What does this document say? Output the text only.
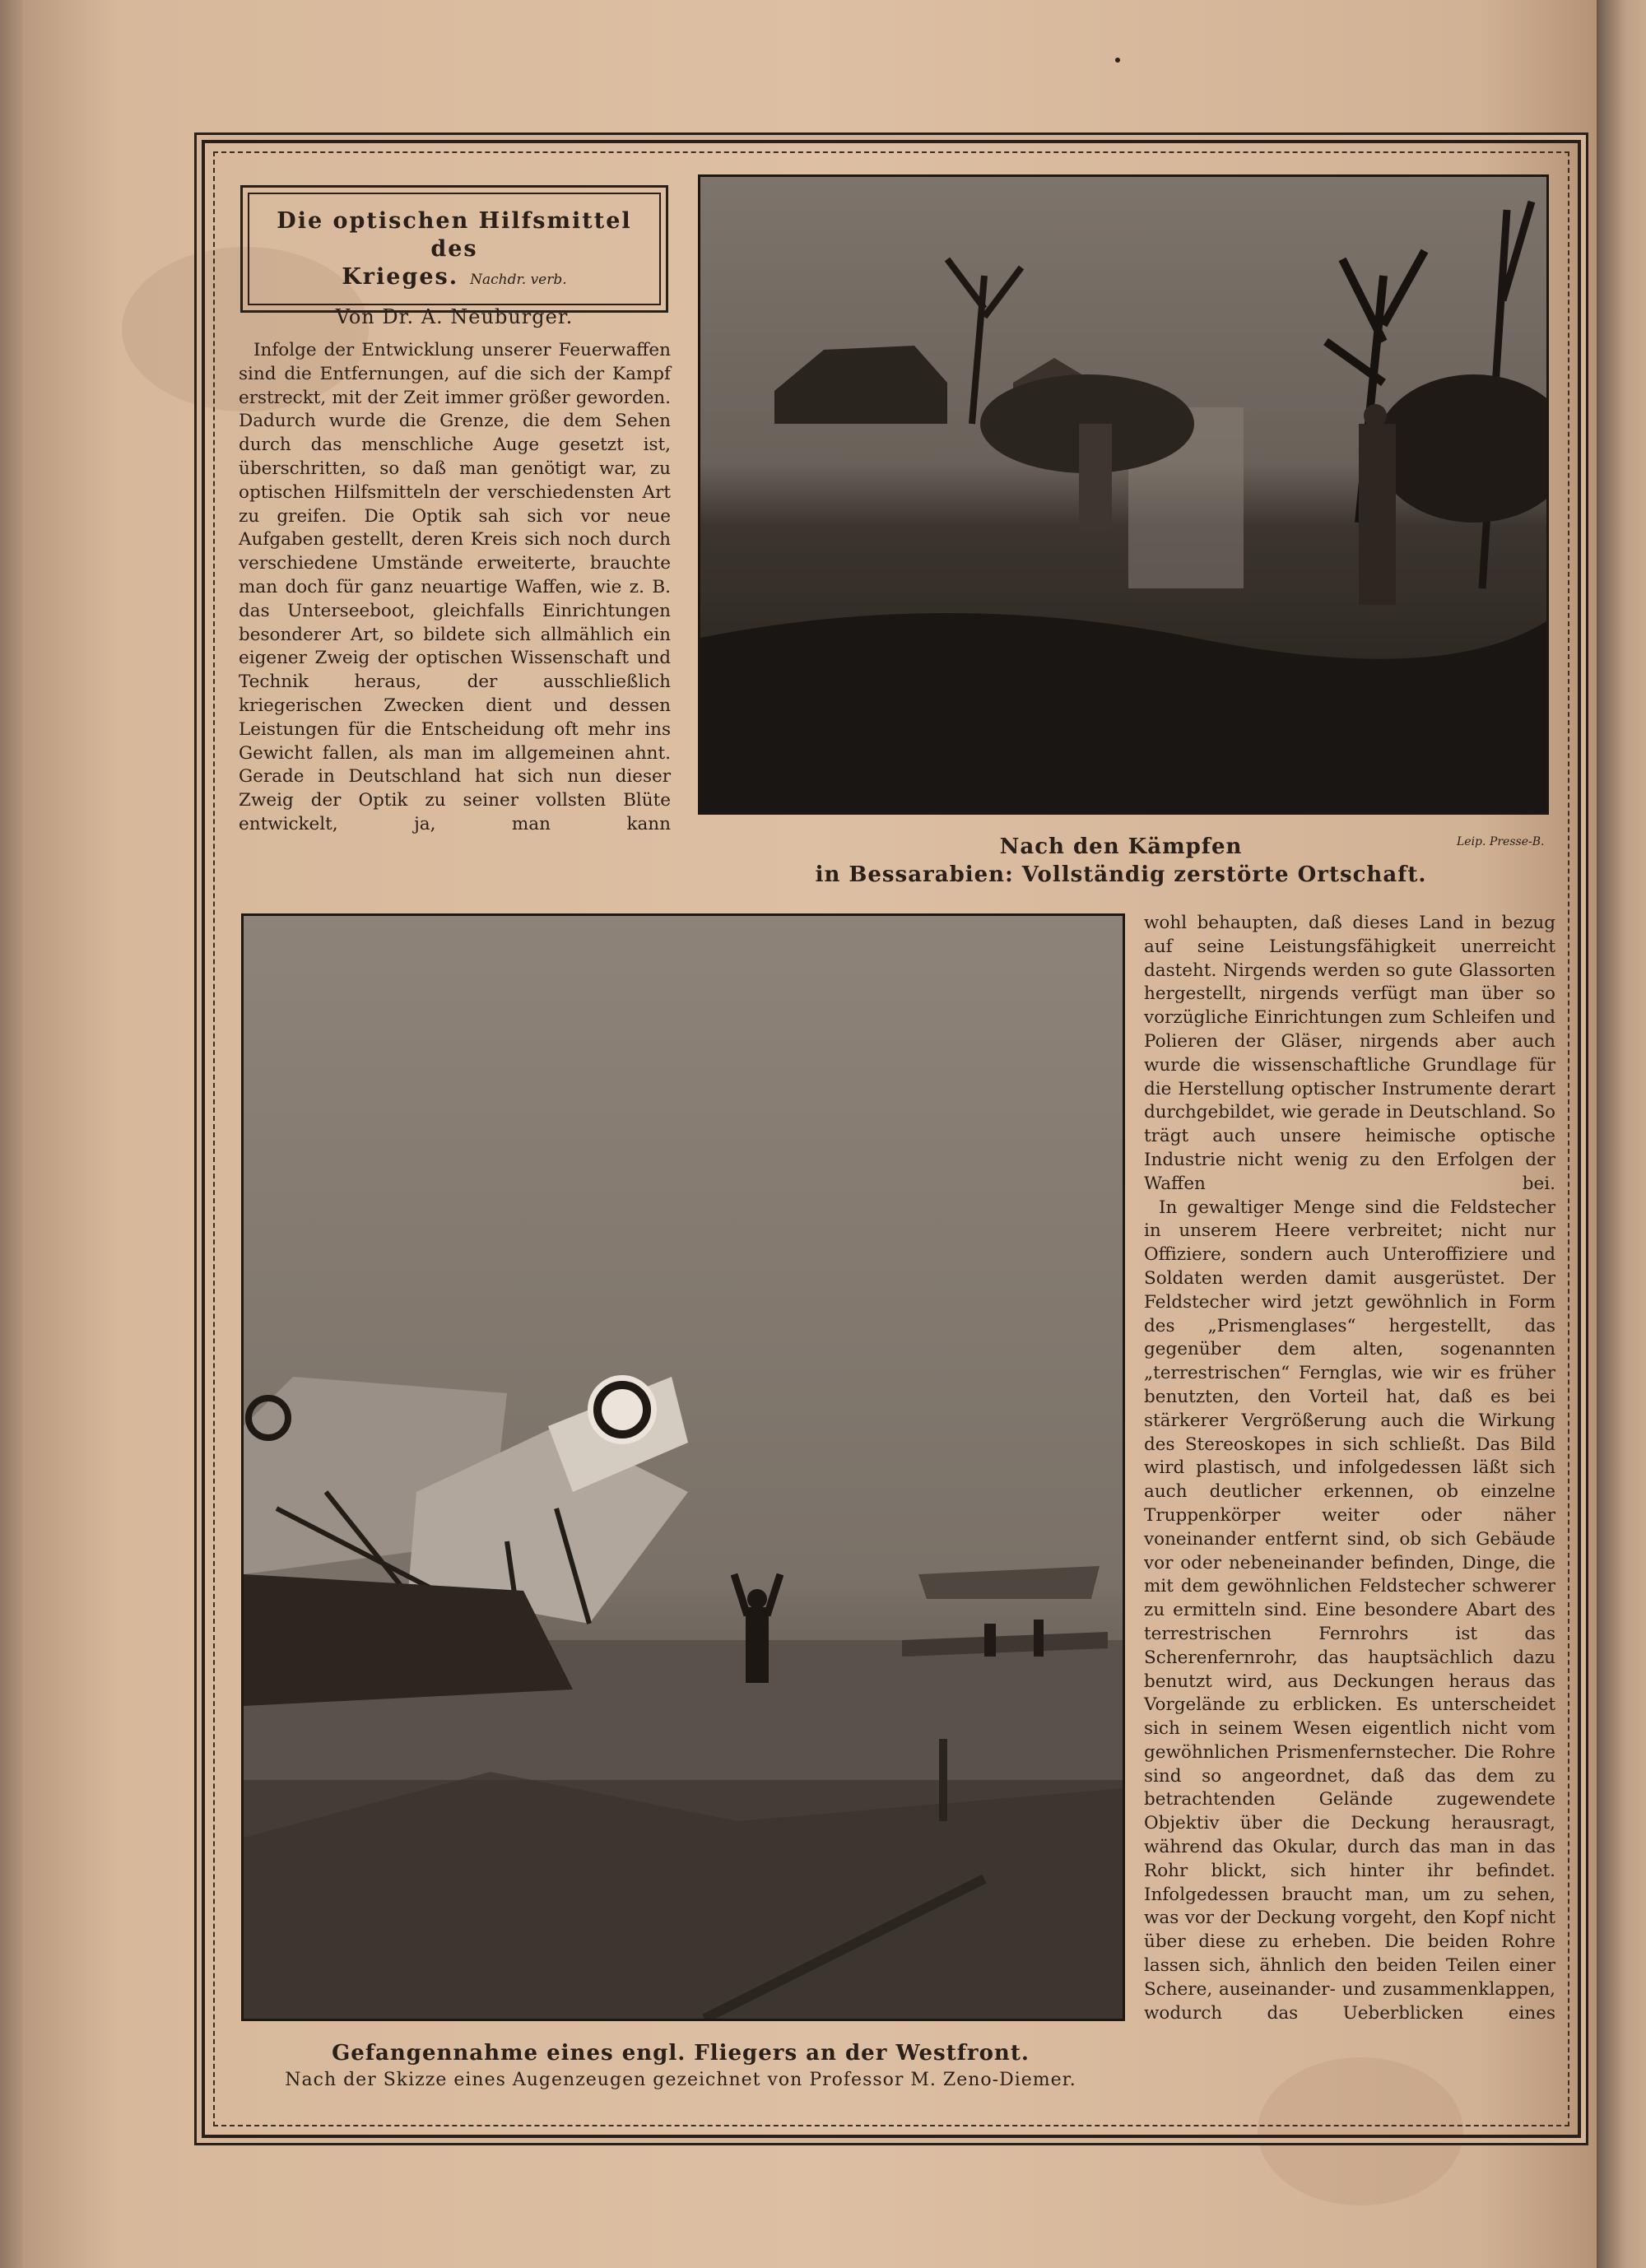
Die optischen Hilfsmittel des
Krieges. Nachdr. verb.
Von Dr. A. Neuburger.

Infolge der Entwicklung unserer Feuerwaffen sind die Entfernungen, auf die sich der Kampf erstreckt, mit der Zeit immer größer geworden. Dadurch wurde die Grenze, die dem Sehen durch das menschliche Auge gesetzt ist, überschritten, so daß man genötigt war, zu optischen Hilfsmitteln der verschiedensten Art zu greifen. Die Optik sah sich vor neue Aufgaben gestellt, deren Kreis sich noch durch verschiedene Umstände erweiterte, brauchte man doch für ganz neuartige Waffen, wie z. B. das Unterseeboot, gleichfalls Einrichtungen besonderer Art, so bildete sich allmählich ein eigener Zweig der optischen Wissenschaft und Technik heraus, der ausschließlich kriegerischen Zwecken dient und dessen Leistungen für die Entscheidung oft mehr ins Gewicht fallen, als man im allgemeinen ahnt. Gerade in Deutschland hat sich nun dieser Zweig der Optik zu seiner vollsten Blüte entwickelt, ja, man kann

Nach den Kämpfen
in Bessarabien: Vollständig zerstörte Ortschaft.
Leip. Presse-B.
Gefangennahme eines engl. Fliegers an der Westfront.
Nach der Skizze eines Augenzeugen gezeichnet von Professor M. Zeno-Diemer.

wohl behaupten, daß dieses Land in bezug auf seine Leistungsfähigkeit unerreicht dasteht. Nirgends werden so gute Glassorten hergestellt, nirgends verfügt man über so vorzügliche Einrichtungen zum Schleifen und Polieren der Gläser, nirgends aber auch wurde die wissenschaftliche Grundlage für die Herstellung optischer Instrumente derart durchgebildet, wie gerade in Deutschland. So trägt auch unsere heimische optische Industrie nicht wenig zu den Erfolgen der Waffen bei.

In gewaltiger Menge sind die Feldstecher in unserem Heere verbreitet; nicht nur Offiziere, sondern auch Unteroffiziere und Soldaten werden damit ausgerüstet. Der Feldstecher wird jetzt gewöhnlich in Form des „Prismenglases“ hergestellt, das gegenüber dem alten, sogenannten „terrestrischen“ Fernglas, wie wir es früher benutzten, den Vorteil hat, daß es bei stärkerer Vergrößerung auch die Wirkung des Stereoskopes in sich schließt. Das Bild wird plastisch, und infolgedessen läßt sich auch deutlicher erkennen, ob einzelne Truppenkörper weiter oder näher voneinander entfernt sind, ob sich Gebäude vor oder nebeneinander befinden, Dinge, die mit dem gewöhnlichen Feldstecher schwerer zu ermitteln sind. Eine besondere Abart des terrestrischen Fernrohrs ist das Scherenfernrohr, das hauptsächlich dazu benutzt wird, aus Deckungen heraus das Vorgelände zu erblicken. Es unterscheidet sich in seinem Wesen eigentlich nicht vom gewöhnlichen Prismenfernstecher. Die Rohre sind so angeordnet, daß das dem zu betrachtenden Gelände zugewendete Objektiv über die Deckung herausragt, während das Okular, durch das man in das Rohr blickt, sich hinter ihr befindet. Infolgedessen braucht man, um zu sehen, was vor der Deckung vorgeht, den Kopf nicht über diese zu erheben. Die beiden Rohre lassen sich, ähnlich den beiden Teilen einer Schere, auseinander- und zusammenklappen, wodurch das Ueberblicken eines
